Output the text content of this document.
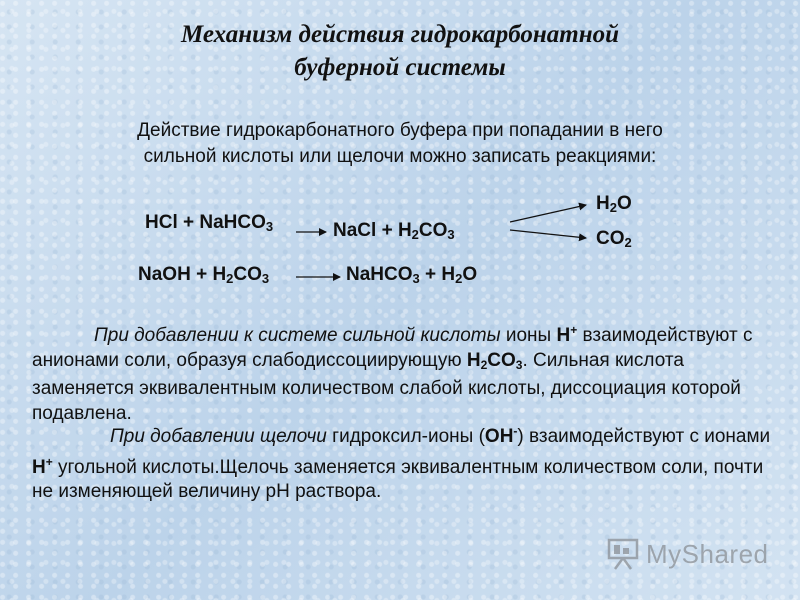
Механизм действия гидрокарбонатной
буферной системы
Действие гидрокарбонатного буфера при попадании в него
сильной кислоты или щелочи можно записать реакциями:
HCl + NaHCO$_3$	NaCl + $H_2CO_3$
$H_2O$
$CO_2$
NaOH + $H_2CO_3$	NaHCO$_3$ + $H_2O$

При добавлении к системе сильной кислоты ионы H+ взаимодействуют с анионами соли, образуя слабодиссоциирующую $H_2CO_3$. Сильная кислота заменяется эквивалентным количеством слабой кислоты, диссоциация которой подавлена.

При добавлении щелочи гидроксил-ионы (OH-) взаимодействуют с ионами H+ угольной кислоты.Щелочь заменяется эквивалентным количеством соли, почти не изменяющей величину рН раствора.

MyShared
